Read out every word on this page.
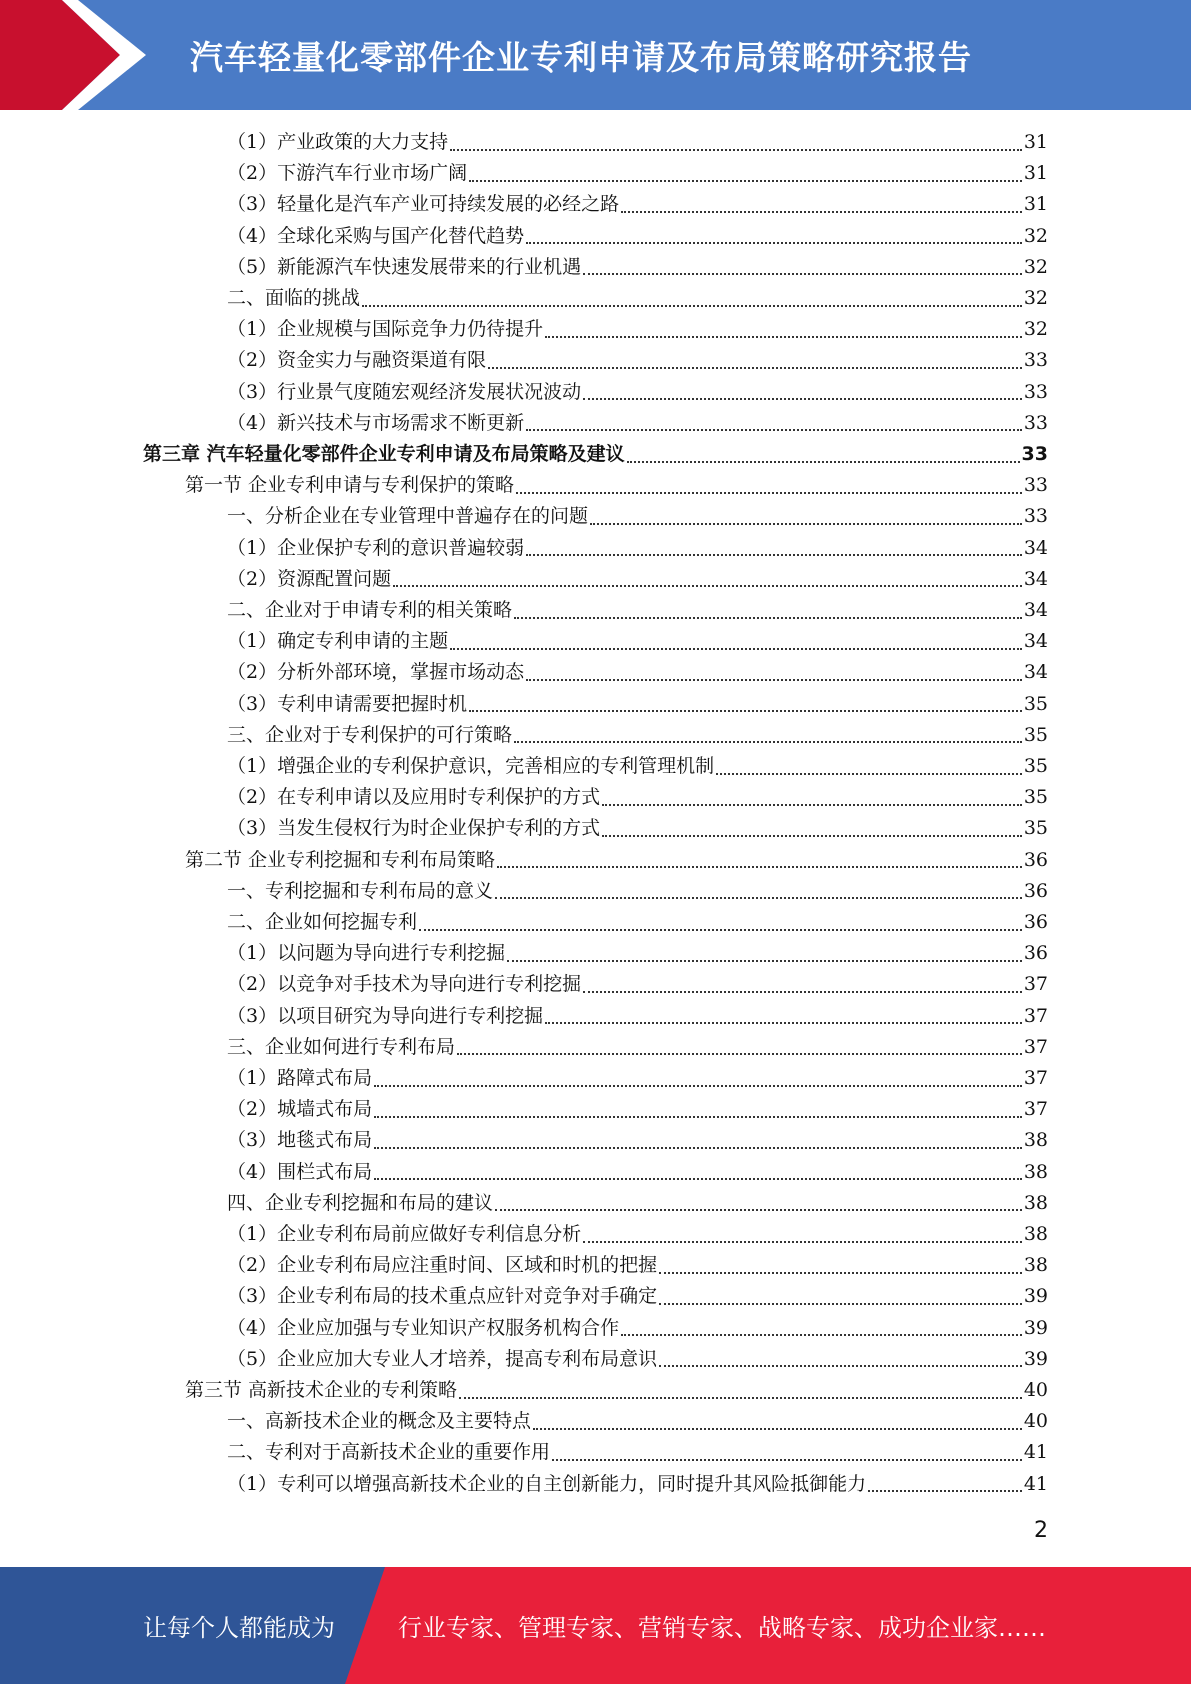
汽车轻量化零部件企业专利申请及布局策略研究报告
（1）产业政策的大力支持	31
（2）下游汽车行业市场广阔	31
（3）轻量化是汽车产业可持续发展的必经之路	31
（4）全球化采购与国产化替代趋势	32
（5）新能源汽车快速发展带来的行业机遇	32
二、面临的挑战	32
（1）企业规模与国际竞争力仍待提升	32
（2）资金实力与融资渠道有限	33
（3）行业景气度随宏观经济发展状况波动	33
（4）新兴技术与市场需求不断更新	33
第三章 汽车轻量化零部件企业专利申请及布局策略及建议	33
第一节 企业专利申请与专利保护的策略	33
一、分析企业在专业管理中普遍存在的问题	33
（1）企业保护专利的意识普遍较弱	34
（2）资源配置问题	34
二、企业对于申请专利的相关策略	34
（1）确定专利申请的主题	34
（2）分析外部环境，掌握市场动态	34
（3）专利申请需要把握时机	35
三、企业对于专利保护的可行策略	35
（1）增强企业的专利保护意识，完善相应的专利管理机制	35
（2）在专利申请以及应用时专利保护的方式	35
（3）当发生侵权行为时企业保护专利的方式	35
第二节 企业专利挖掘和专利布局策略	36
一、专利挖掘和专利布局的意义	36
二、企业如何挖掘专利	36
（1）以问题为导向进行专利挖掘	36
（2）以竞争对手技术为导向进行专利挖掘	37
（3）以项目研究为导向进行专利挖掘	37
三、企业如何进行专利布局	37
（1）路障式布局	37
（2）城墙式布局	37
（3）地毯式布局	38
（4）围栏式布局	38
四、企业专利挖掘和布局的建议	38
（1）企业专利布局前应做好专利信息分析	38
（2）企业专利布局应注重时间、区域和时机的把握	38
（3）企业专利布局的技术重点应针对竞争对手确定	39
（4）企业应加强与专业知识产权服务机构合作	39
（5）企业应加大专业人才培养，提高专利布局意识	39
第三节 高新技术企业的专利策略	40
一、高新技术企业的概念及主要特点	40
二、专利对于高新技术企业的重要作用	41
（1）专利可以增强高新技术企业的自主创新能力，同时提升其风险抵御能力	41
2
让每个人都能成为	行业专家、管理专家、营销专家、战略专家、成功企业家……
